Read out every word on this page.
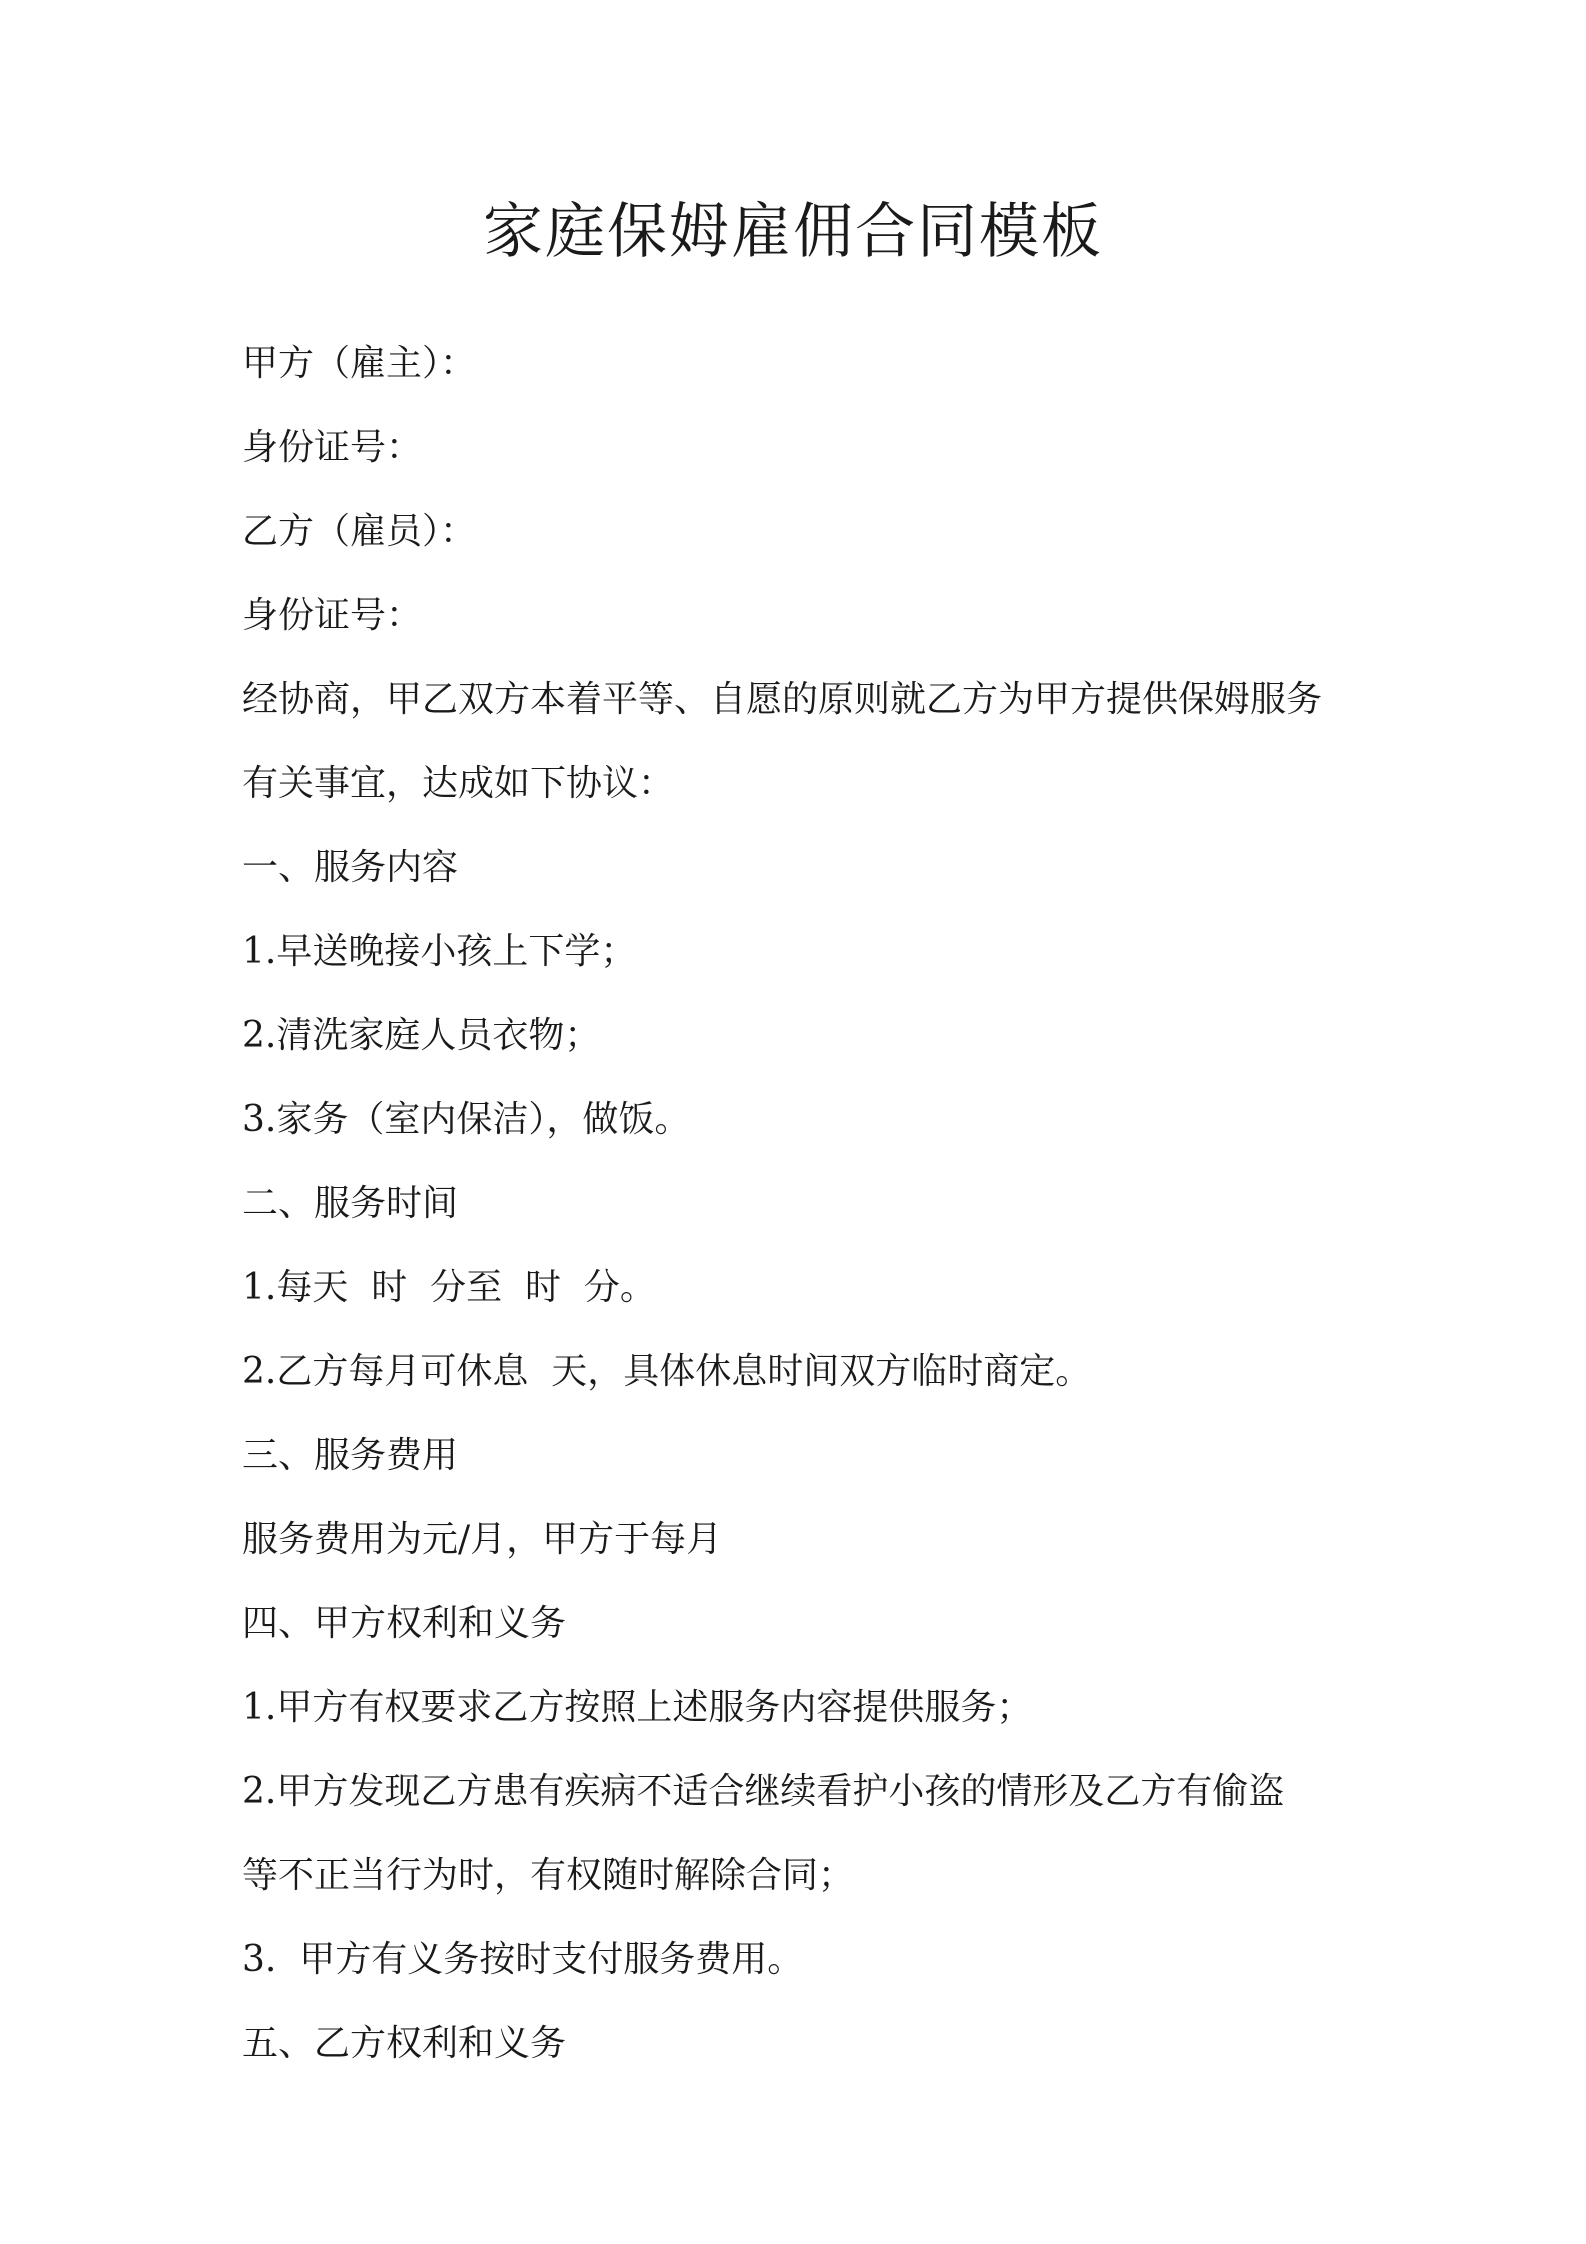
家庭保姆雇佣合同模板

甲方（雇主）：

身份证号：

乙方（雇员）：

身份证号：

经协商，甲乙双方本着平等、自愿的原则就乙方为甲方提供保姆服务

有关事宜，达成如下协议：

一、服务内容

1.早送晚接小孩上下学；

2.清洗家庭人员衣物；

3.家务（室内保洁），做饭。

二、服务时间

1.每天  时  分至  时  分。

2.乙方每月可休息  天，具体休息时间双方临时商定。

三、服务费用

服务费用为元/月，甲方于每月

四、甲方权利和义务

1.甲方有权要求乙方按照上述服务内容提供服务；

2.甲方发现乙方患有疾病不适合继续看护小孩的情形及乙方有偷盗

等不正当行为时，有权随时解除合同；

3.  甲方有义务按时支付服务费用。

五、乙方权利和义务
